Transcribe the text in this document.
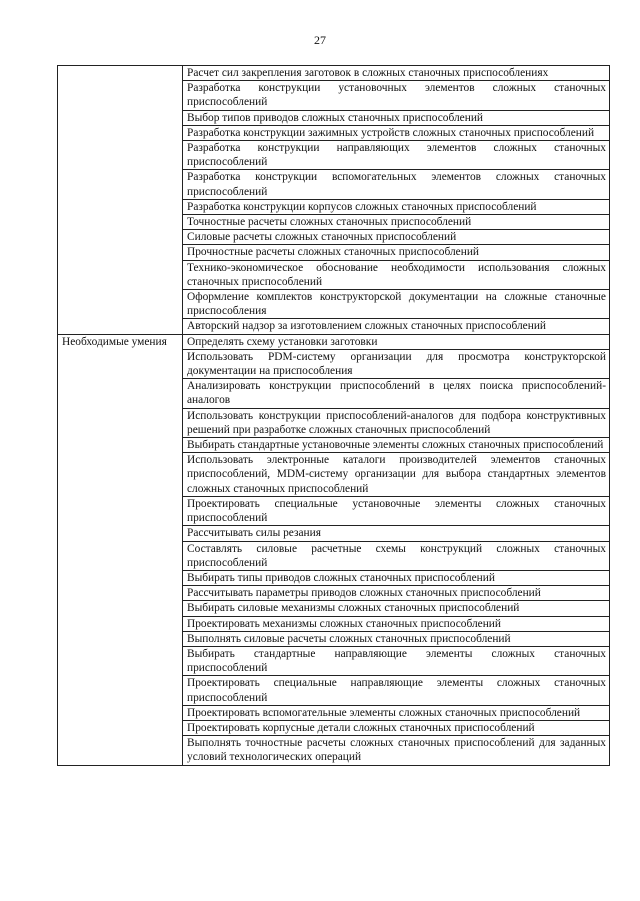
27

	Расчет сил закрепления заготовок в сложных станочных приспособлениях

	Разработка конструкции установочных элементов сложных станочных приспособлений

	Выбор типов приводов сложных станочных приспособлений

	Разработка конструкции зажимных устройств сложных станочных приспособлений

	Разработка конструкции направляющих элементов сложных станочных приспособлений

	Разработка конструкции вспомогательных элементов сложных станочных приспособлений

	Разработка конструкции корпусов сложных станочных приспособлений

	Точностные расчеты сложных станочных приспособлений

	Силовые расчеты сложных станочных приспособлений

	Прочностные расчеты сложных станочных приспособлений

	Технико-экономическое обоснование необходимости использования сложных станочных приспособлений

	Оформление комплектов конструкторской документации на сложные станочные приспособления

	Авторский надзор за изготовлением сложных станочных приспособлений

Необходимые умения	Определять схему установки заготовки

	Использовать PDM-систему организации для просмотра конструкторской документации на приспособления

	Анализировать конструкции приспособлений в целях поиска приспособлений-аналогов

	Использовать конструкции приспособлений-аналогов для подбора конструктивных решений при разработке сложных станочных приспособлений

	Выбирать стандартные установочные элементы сложных станочных приспособлений

	Использовать электронные каталоги производителей элементов станочных приспособлений, MDM-систему организации для выбора стандартных элементов сложных станочных приспособлений

	Проектировать специальные установочные элементы сложных станочных приспособлений

	Рассчитывать силы резания

	Составлять силовые расчетные схемы конструкций сложных станочных приспособлений

	Выбирать типы приводов сложных станочных приспособлений

	Рассчитывать параметры приводов сложных станочных приспособлений

	Выбирать силовые механизмы сложных станочных приспособлений

	Проектировать механизмы сложных станочных приспособлений

	Выполнять силовые расчеты сложных станочных приспособлений

	Выбирать стандартные направляющие элементы сложных станочных приспособлений

	Проектировать специальные направляющие элементы сложных станочных приспособлений

	Проектировать вспомогательные элементы сложных станочных приспособлений

	Проектировать корпусные детали сложных станочных приспособлений

	Выполнять точностные расчеты сложных станочных приспособлений для заданных условий технологических операций
